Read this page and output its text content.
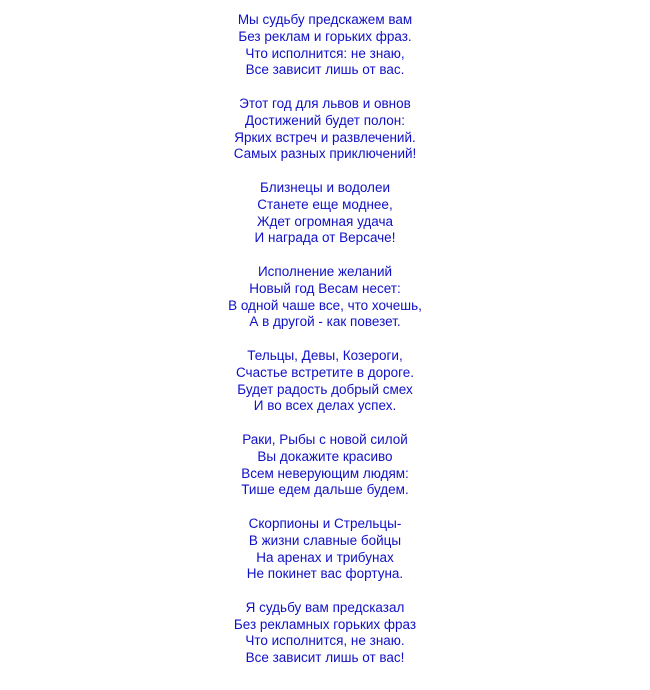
Мы судьбу предскажем вам
Без реклам и горьких фраз.
Что исполнится: не знаю,
Все зависит лишь от вас.
Этот год для львов и овнов
Достижений будет полон:
Ярких встреч и развлечений.
Самых разных приключений!
Близнецы и водолеи
Станете еще моднее,
Ждет огромная удача
И награда от Версаче!
Исполнение желаний
Новый год Весам несет:
В одной чаше все, что хочешь,
А в другой - как повезет.
Тельцы, Девы, Козероги,
Счастье встретите в дороге.
Будет радость добрый смех
И во всех делах успех.
Раки, Рыбы с новой силой
Вы докажите красиво
Всем неверующим людям:
Тише едем дальше будем.
Скорпионы и Стрельцы-
В жизни славные бойцы
На аренах и трибунах
Не покинет вас фортуна.
Я судьбу вам предсказал
Без рекламных горьких фраз
Что исполнится, не знаю.
Все зависит лишь от вас!
